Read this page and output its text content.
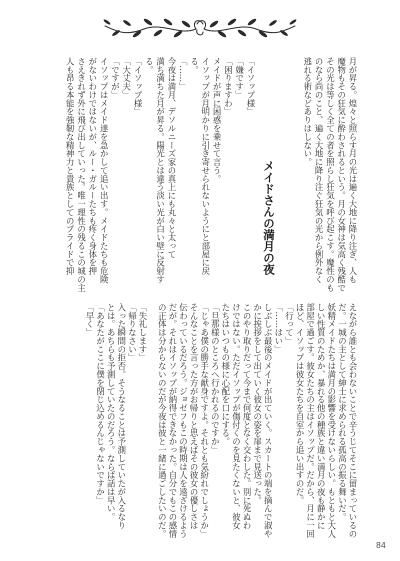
月が昇る。煌々と照らす月の光は遍く大地に降り注ぎ、人も
魔物もその狂気に酔わされるという。月の女神は気高く残酷で
その光は等しく全ての者を照らし狂気を呼び起こす。魔性のも
のなら尚のこと、遍く大地に降り注ぐ狂気の光から例外なく
逃れる術などありはしない。
メイドさんの満月の夜
「イソップ様」
「嫌です」
「困りますわ」
メイドが声に困惑を乗せて言う。
イソップが月明かりに引き寄せられないようにと部屋に戻
る。
「……」
今夜は満月、デソルニーズ家の真上にも丸々と太って
満ち満ちた月が昇る。陽光とは違う淡い光が白い壁に反射す
る。
「イソップ様」
「大丈夫」
「ですが」
イソップはメイド達を急かして追い出す。メイドたちも危険
がないわけではないが、ルー・ガルーたちも疼く身体を押
さえきれず外に飛び出していった。唯一理性の残るこの城の主
人も昂る本能を強靭な精神力と貴族としてのプライドで抑
えながら誰とも会わないことで辛うじてそこに留まっているの
だ。一城の主として紳士に求められる孤高の振る舞いだ。
妖精メイドたちは満月の影響を受けないらしい。もともと大人
しい性質のためか、暴れる他の種族と違い満月の夜も静かに
部屋で過ごす。彼女たちの主はイソップだ。だから、月に一回
ほど、イソップは彼女たちを自室から追い出すのだ。
「行って」
「……はい」
しぶしぶ最後のメイドが出ていく。スカートの端を摘んで淑や
かに挨拶をして出ていく彼女の姿を扉まで見送った。
このやり取りだって今まで何度となく交わした。別に死ぬわ
けではない。ただイソップが傷付くのを見たくないと、彼女
たちはいつもの様に心配を口にする。
「旦那様のところへ行かれるのですか」
「じゃあ僕の勝手な献身ですよ。それとも気紛れでしょうか」
そんなことを言った方がお帰りと思えばその彼女の優しさは
伝わっているだろう。ジョゼフもこの時期は人を遠ざけるよう
だが。それはイソップが納得できなかった。自分でもこの感情
の正体は分からないのだが今夜は彼と一緒に過ごしたいのだ。
「失礼します」
「帰りなさい」
入った瞬間の拒否。そうなることは予測していたが入るなり
とは。あちらも予測していたのだろう。ならば話は早い。
「あなたがここに僕を閉じ込めるんじゃないですか」
「早く」
84
